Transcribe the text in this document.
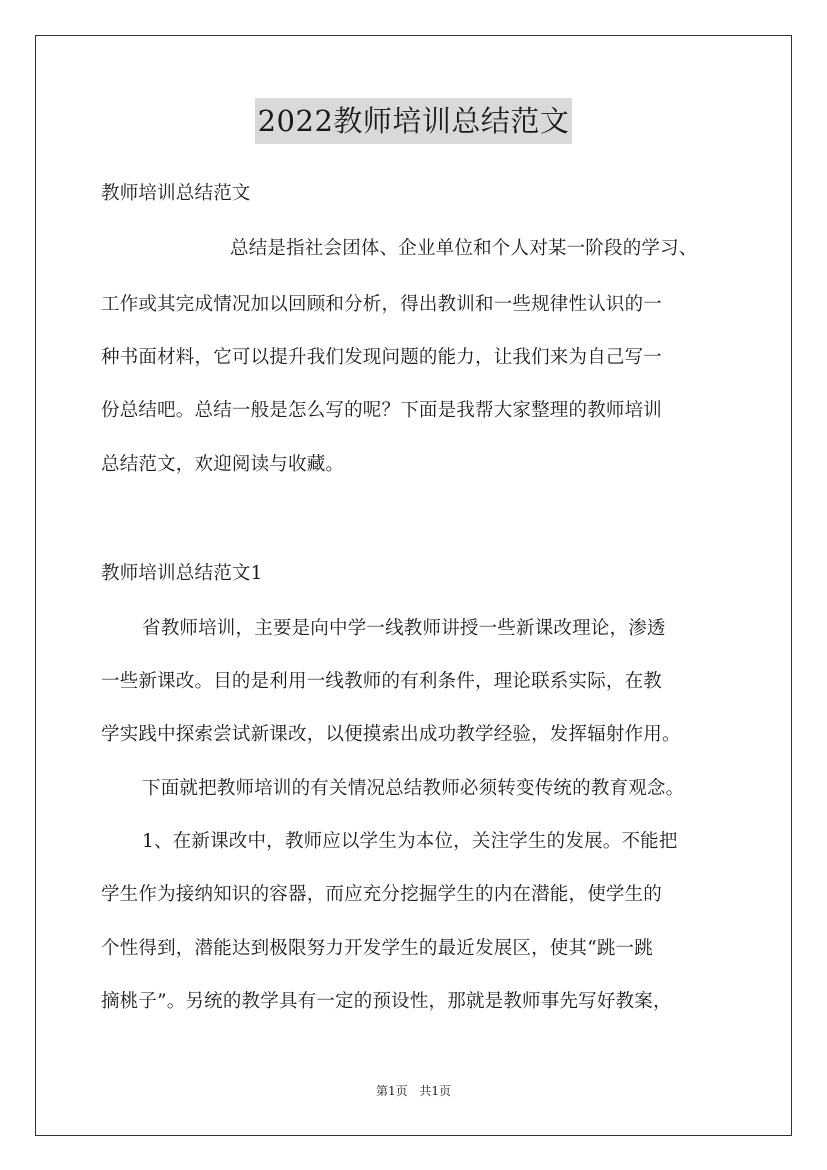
2022教师培训总结范文
教师培训总结范文
总结是指社会团体、企业单位和个人对某一阶段的学习、
工作或其完成情况加以回顾和分析，得出教训和一些规律性认识的一
种书面材料，它可以提升我们发现问题的能力，让我们来为自己写一
份总结吧。总结一般是怎么写的呢？下面是我帮大家整理的教师培训
总结范文，欢迎阅读与收藏。
教师培训总结范文1
省教师培训，主要是向中学一线教师讲授一些新课改理论，渗透
一些新课改。目的是利用一线教师的有利条件，理论联系实际，在教
学实践中探索尝试新课改，以便摸索出成功教学经验，发挥辐射作用。
下面就把教师培训的有关情况总结教师必须转变传统的教育观念。
1、在新课改中，教师应以学生为本位，关注学生的发展。不能把
学生作为接纳知识的容器，而应充分挖掘学生的内在潜能，使学生的
个性得到，潜能达到极限努力开发学生的最近发展区，使其“跳一跳
摘桃子”。另统的教学具有一定的预设性，那就是教师事先写好教案，
第1页 共1页
